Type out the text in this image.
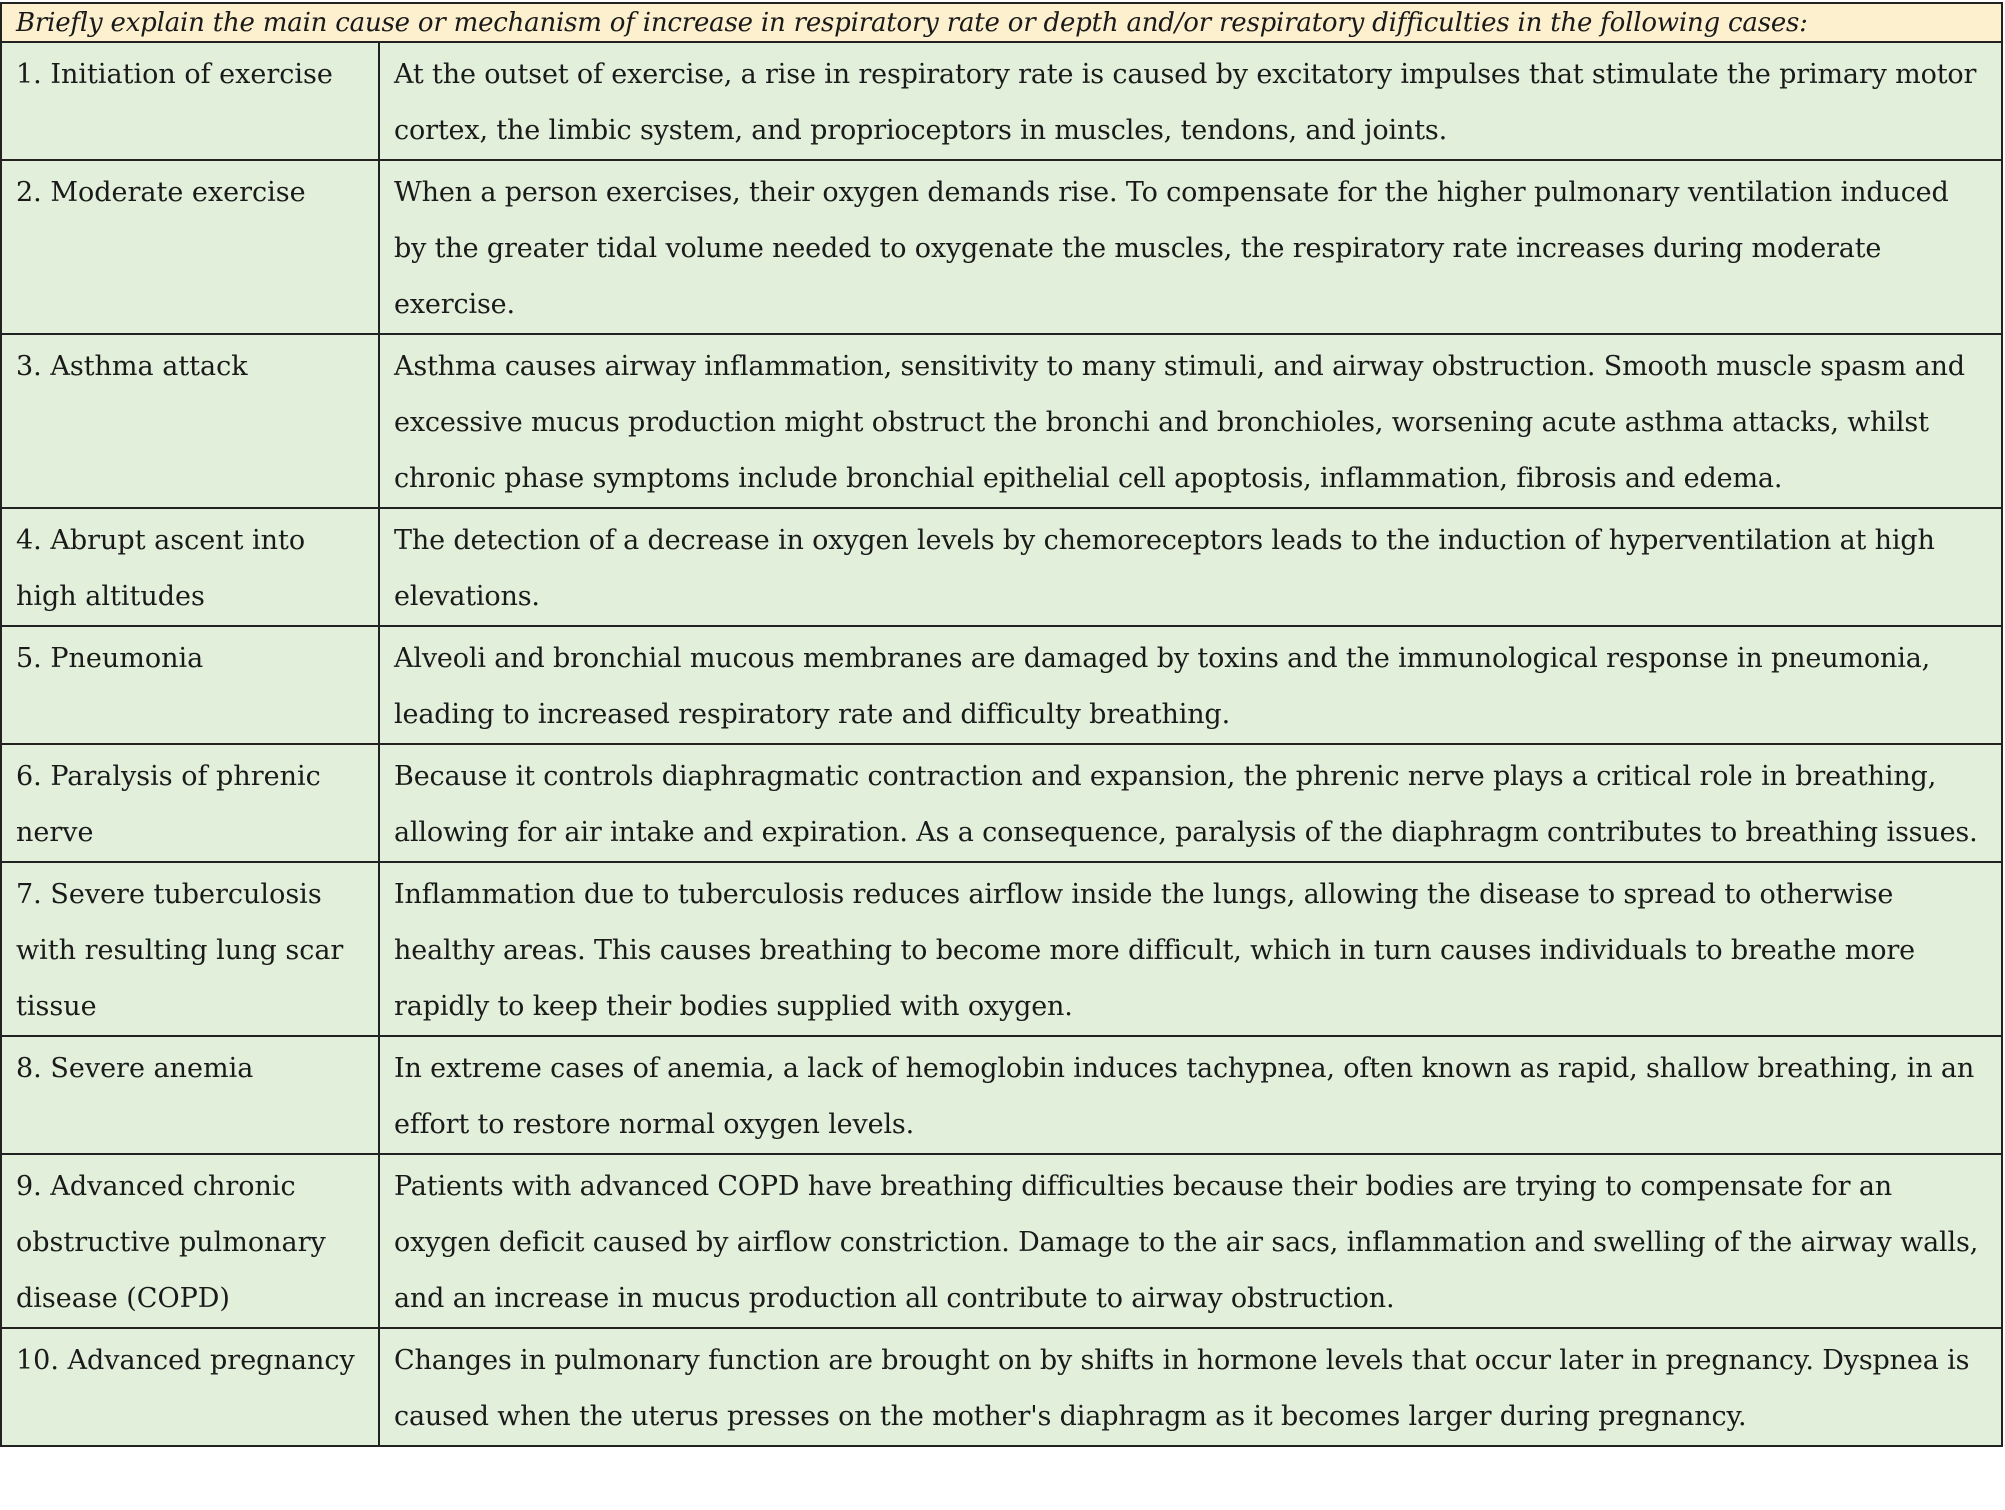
Briefly explain the main cause or mechanism of increase in respiratory rate or depth and/or respiratory difficulties in the following cases:
1. Initiation of exercise	At the outset of exercise, a rise in respiratory rate is caused by excitatory impulses that stimulate the primary motor cortex, the limbic system, and proprioceptors in muscles, tendons, and joints.
2. Moderate exercise	When a person exercises, their oxygen demands rise. To compensate for the higher pulmonary ventilation induced by the greater tidal volume needed to oxygenate the muscles, the respiratory rate increases during moderate exercise.
3. Asthma attack	Asthma causes airway inflammation, sensitivity to many stimuli, and airway obstruction. Smooth muscle spasm and excessive mucus production might obstruct the bronchi and bronchioles, worsening acute asthma attacks, whilst chronic phase symptoms include bronchial epithelial cell apoptosis, inflammation, fibrosis and edema.
4. Abrupt ascent into high altitudes	The detection of a decrease in oxygen levels by chemoreceptors leads to the induction of hyperventilation at high elevations.
5. Pneumonia	Alveoli and bronchial mucous membranes are damaged by toxins and the immunological response in pneumonia, leading to increased respiratory rate and difficulty breathing.
6. Paralysis of phrenic nerve	Because it controls diaphragmatic contraction and expansion, the phrenic nerve plays a critical role in breathing, allowing for air intake and expiration. As a consequence, paralysis of the diaphragm contributes to breathing issues.
7. Severe tuberculosis with resulting lung scar tissue	Inflammation due to tuberculosis reduces airflow inside the lungs, allowing the disease to spread to otherwise healthy areas. This causes breathing to become more difficult, which in turn causes individuals to breathe more rapidly to keep their bodies supplied with oxygen.
8. Severe anemia	In extreme cases of anemia, a lack of hemoglobin induces tachypnea, often known as rapid, shallow breathing, in an effort to restore normal oxygen levels.
9. Advanced chronic obstructive pulmonary disease (COPD)	Patients with advanced COPD have breathing difficulties because their bodies are trying to compensate for an oxygen deficit caused by airflow constriction. Damage to the air sacs, inflammation and swelling of the airway walls, and an increase in mucus production all contribute to airway obstruction.
10. Advanced pregnancy	Changes in pulmonary function are brought on by shifts in hormone levels that occur later in pregnancy. Dyspnea is caused when the uterus presses on the mother's diaphragm as it becomes larger during pregnancy.
